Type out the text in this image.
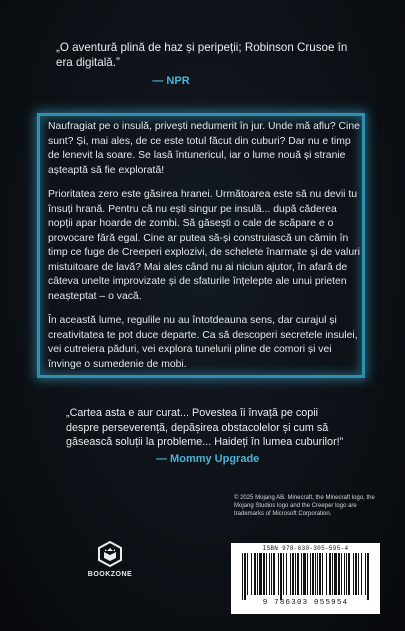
„O aventură plină de haz și peripeții; Robinson Crusoe în era digitală.”
— NPR

Naufragiat pe o insulă, privești nedumerit în jur. Unde mă aflu? Cine sunt? Și, mai ales, de ce este totul făcut din cuburi? Dar nu e timp de lenevit la soare. Se lasă întunericul, iar o lume nouă și stranie așteaptă să fie explorată!

Prioritatea zero este găsirea hranei. Următoarea este să nu devii tu însuți hrană. Pentru că nu ești singur pe insulă... după căderea nopții apar hoarde de zombi. Să găsești o cale de scăpare e o provocare fără egal. Cine ar putea să-și construiască un cămin în timp ce fuge de Creeperi explozivi, de schelete înarmate și de valuri mistuitoare de lavă? Mai ales când nu ai niciun ajutor, în afară de câteva unelte improvizate și de sfaturile înțelepte ale unui prieten neașteptat – o vacă.

În această lume, regulile nu au întotdeauna sens, dar curajul și creativitatea te pot duce departe. Ca să descoperi secretele insulei, vei cutreiera păduri, vei explora tunelurii pline de comori și vei învinge o sumedenie de mobi.

„Cartea asta e aur curat... Povestea îi învață pe copii despre perseverență, depășirea obstacolelor și cum să găsească soluții la probleme... Haideți în lumea cuburilor!”
— Mommy Upgrade
© 2025 Mojang AB. Minecraft, the Minecraft logo, the Mojang Studios logo and the Creeper logo are trademarks of Microsoft Corporation.
BOOKZONE
ISBN 978-630-305-595-4
9 786303 055954
